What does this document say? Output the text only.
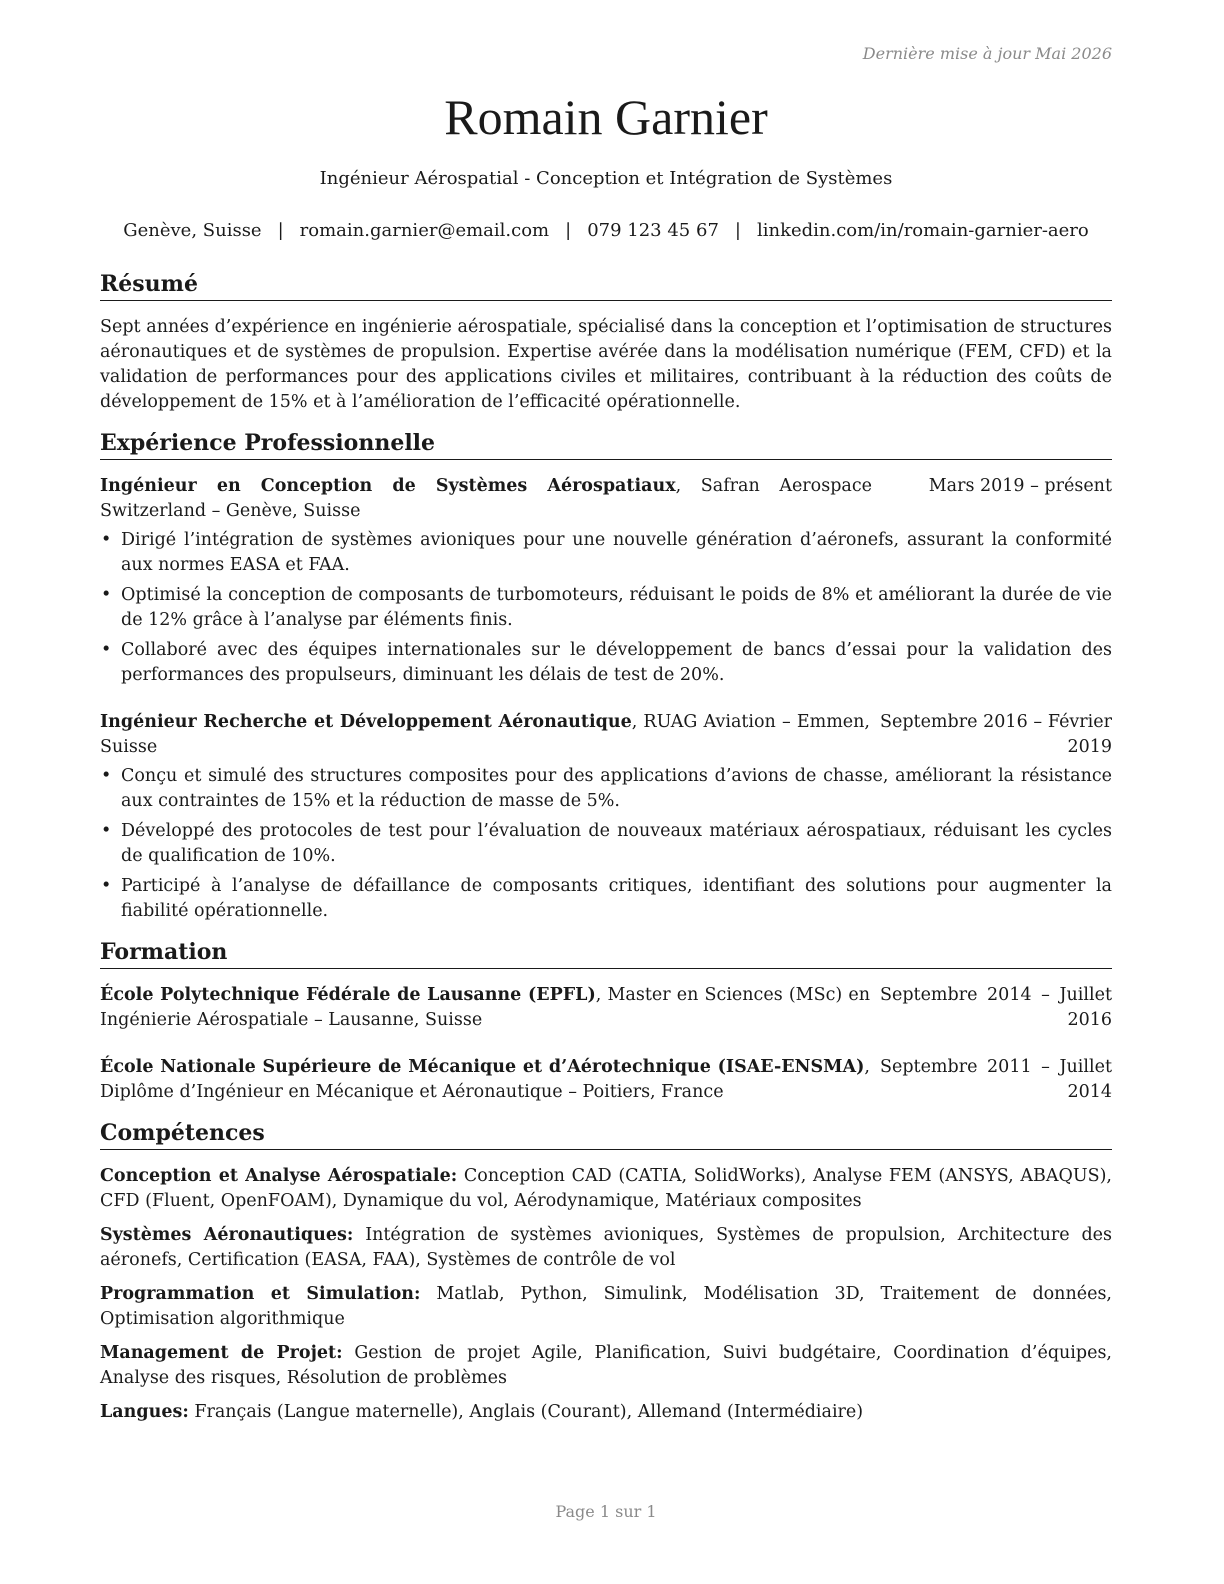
Dernière mise à jour Mai 2026
Romain Garnier

Ingénieur Aérospatial - Conception et Intégration de Systèmes

Genève, Suisse | romain.garnier@email.com | 079 123 45 67 | linkedin.com/in/romain-garnier-aero

Résumé

Sept années d’expérience en ingénierie aérospatiale, spécialisé dans la conception et l’optimisation de structures aéronautiques et de systèmes de propulsion. Expertise avérée dans la modélisation numérique (FEM, CFD) et la validation de performances pour des applications civiles et militaires, contribuant à la réduction des coûts de développement de 15% et à l’amélioration de l’efficacité opérationnelle.

Expérience Professionnelle
Ingénieur en Conception de Systèmes Aérospatiaux, Safran Aerospace Switzerland – Genève, Suisse
Mars 2019 – présent
• Dirigé l’intégration de systèmes avioniques pour une nouvelle génération d’aéronefs, assurant la conformité aux normes EASA et FAA.
• Optimisé la conception de composants de turbomoteurs, réduisant le poids de 8% et améliorant la durée de vie de 12% grâce à l’analyse par éléments finis.
• Collaboré avec des équipes internationales sur le développement de bancs d’essai pour la validation des performances des propulseurs, diminuant les délais de test de 20%.
Ingénieur Recherche et Développement Aéronautique, RUAG Aviation – Emmen, Suisse
Septembre 2016 – Février 2019
• Conçu et simulé des structures composites pour des applications d’avions de chasse, améliorant la résistance aux contraintes de 15% et la réduction de masse de 5%.
• Développé des protocoles de test pour l’évaluation de nouveaux matériaux aérospatiaux, réduisant les cycles de qualification de 10%.
• Participé à l’analyse de défaillance de composants critiques, identifiant des solutions pour augmenter la fiabilité opérationnelle.
Formation
École Polytechnique Fédérale de Lausanne (EPFL), Master en Sciences (MSc) en Ingénierie Aérospatiale – Lausanne, Suisse
Septembre 2014 – Juillet 2016
École Nationale Supérieure de Mécanique et d’Aérotechnique (ISAE-ENSMA), Diplôme d’Ingénieur en Mécanique et Aéronautique – Poitiers, France
Septembre 2011 – Juillet 2014
Compétences
Conception et Analyse Aérospatiale: Conception CAD (CATIA, SolidWorks), Analyse FEM (ANSYS, ABAQUS), CFD (Fluent, OpenFOAM), Dynamique du vol, Aérodynamique, Matériaux composites
Systèmes Aéronautiques: Intégration de systèmes avioniques, Systèmes de propulsion, Architecture des aéronefs, Certification (EASA, FAA), Systèmes de contrôle de vol
Programmation et Simulation: Matlab, Python, Simulink, Modélisation 3D, Traitement de données, Optimisation algorithmique
Management de Projet: Gestion de projet Agile, Planification, Suivi budgétaire, Coordination d’équipes, Analyse des risques, Résolution de problèmes
Langues: Français (Langue maternelle), Anglais (Courant), Allemand (Intermédiaire)
Page 1 sur 1
